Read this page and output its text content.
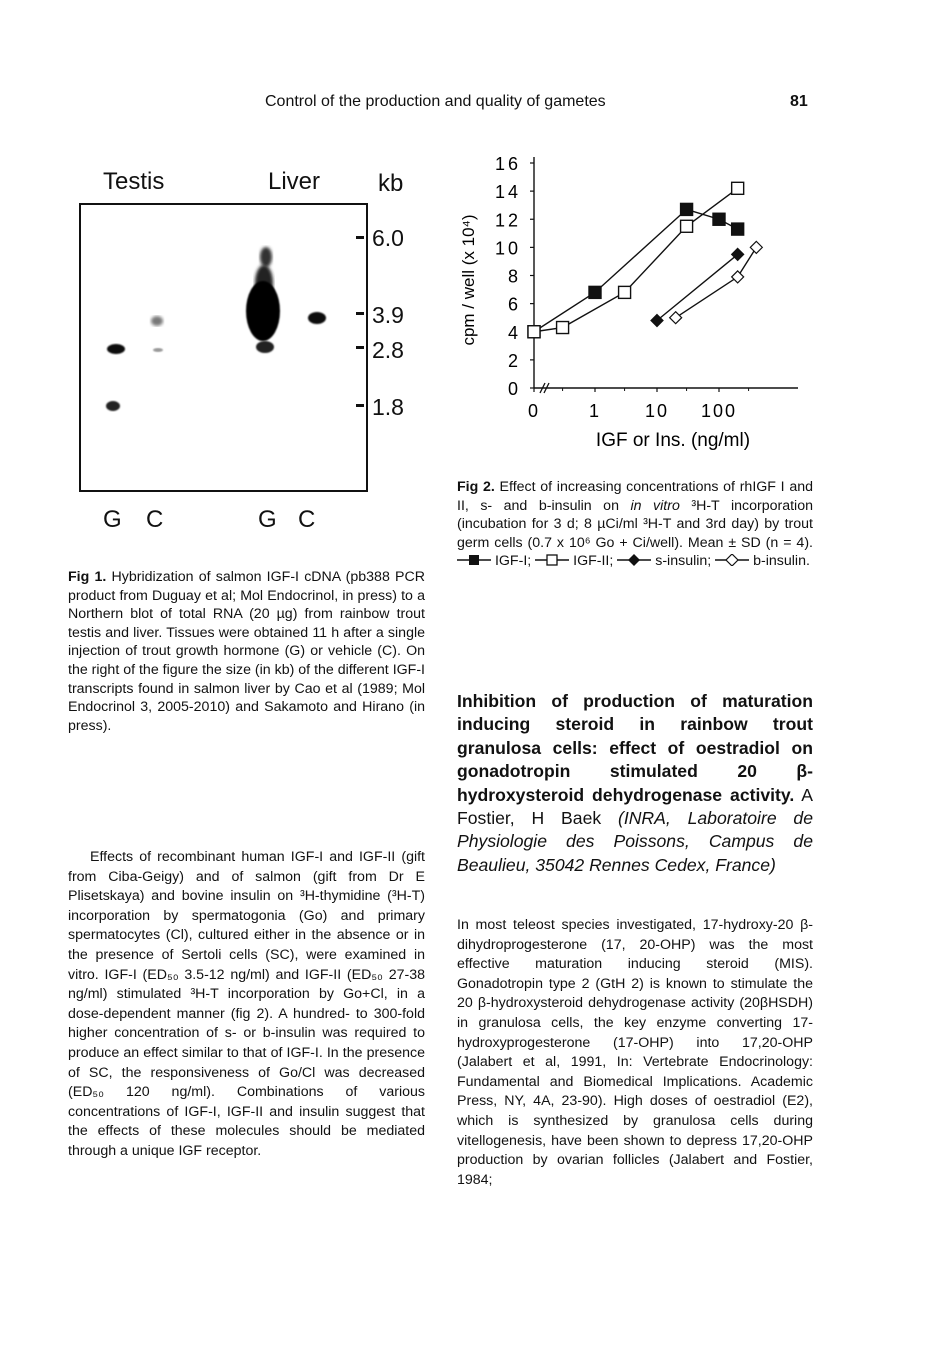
Control of the production and quality of gametes	81
Testis	Liver kb
6.0
3.9
2.8
1.8
G C	G C
Fig 1. Hybridization of salmon IGF-I cDNA (pb388 PCR product from Duguay et al; Mol Endocrinol, in press) to a Northern blot of total RNA (20 µg) from rainbow trout testis and liver. Tissues were obtained 11 h after a single injection of trout growth hormone (G) or vehicle (C). On the right of the figure the size (in kb) of the different IGF-I transcripts found in salmon liver by Cao et al (1989; Mol Endocrinol 3, 2005-2010) and Sakamoto and Hirano (in press).
0
2
4
6
8
10
12
14
16
0	1 10 100
cpm / well (x 10⁴)
IGF or Ins. (ng/ml)
Fig 2. Effect of increasing concentrations of rhIGF I and II, s- and b-insulin on in vitro ³H-T incorporation (incubation for 3 d; 8 µCi/ml ³H-T and 3rd day) by trout germ cells (0.7 x 10⁶ Go + Ci/well). Mean ± SD (n = 4).  IGF-I;	IGF-II;	s-insulin;	b-insulin.
Effects of recombinant human IGF-I and IGF-II (gift from Ciba-Geigy) and of salmon (gift from Dr E Plisetskaya) and bovine insulin on ³H-thymidine (³H-T) incorporation by spermatogonia (Go) and primary spermatocytes (Cl), cultured either in the absence or in the presence of Sertoli cells (SC), were examined in vitro. IGF-I (ED₅₀ 3.5-12 ng/ml) and IGF-II (ED₅₀ 27-38 ng/ml) stimulated ³H-T incorporation by Go+Cl, in a dose-dependent manner (fig 2). A hundred- to 300-fold higher concentration of s- or b-insulin was required to produce an effect similar to that of IGF-I. In the presence of SC, the responsiveness of Go/Cl was decreased (ED₅₀ 120 ng/ml). Combinations of various concentrations of IGF-I, IGF-II and insulin suggest that the effects of these molecules should be mediated through a unique IGF receptor.
Inhibition of production of maturation inducing steroid in rainbow trout granulosa cells: effect of oestradiol on gonadotropin stimulated 20 β-hydroxysteroid dehydrogenase activity. A Fostier, H Baek (INRA, Laboratoire de Physiologie des Poissons, Campus de Beaulieu, 35042 Rennes Cedex, France)
In most teleost species investigated, 17-hydroxy-20 β-dihydroprogesterone (17, 20-OHP) was the most effective maturation inducing steroid (MIS). Gonadotropin type 2 (GtH 2) is known to stimulate the 20 β-hydroxysteroid dehydrogenase activity (20βHSDH) in granulosa cells, the key enzyme converting 17-hydroxyprogesterone (17-OHP) into 17,20-OHP (Jalabert et al, 1991, In: Vertebrate Endocrinology: Fundamental and Biomedical Implications. Academic Press, NY, 4A, 23-90). High doses of oestradiol (E2), which is synthesized by granulosa cells during vitellogenesis, have been shown to depress 17,20-OHP production by ovarian follicles (Jalabert and Fostier, 1984;
